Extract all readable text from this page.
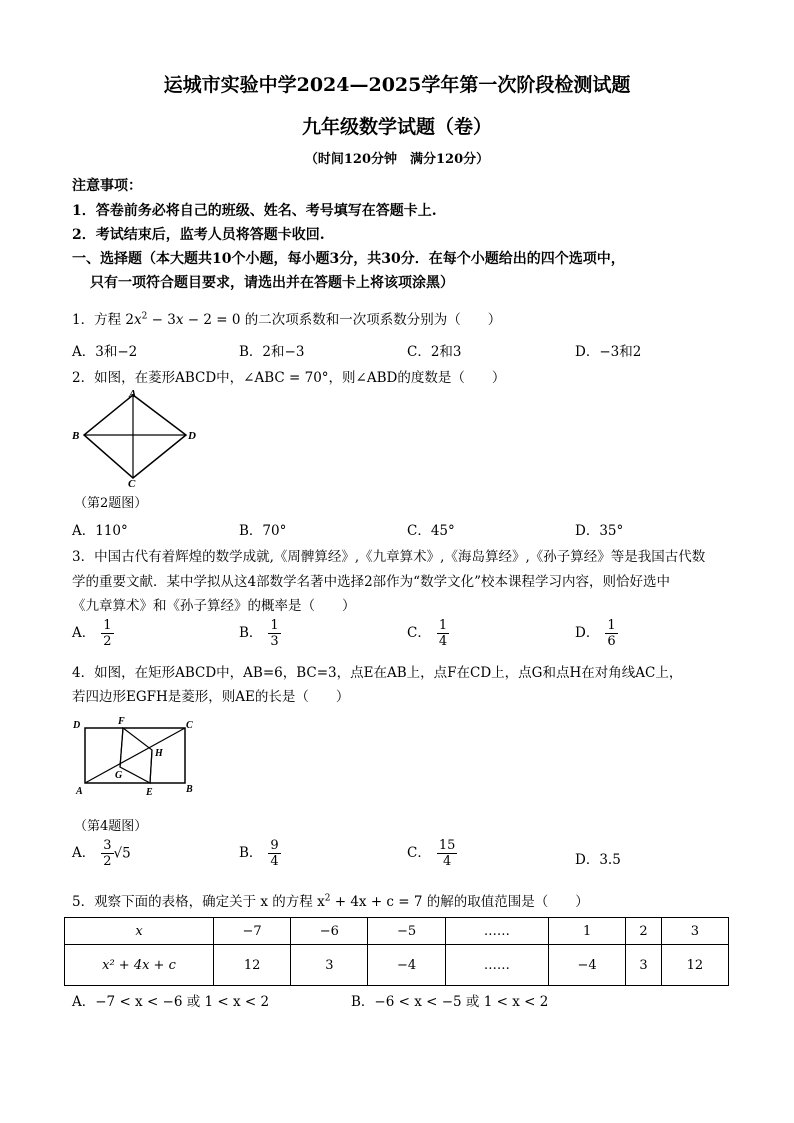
运城市实验中学2024—2025学年第一次阶段检测试题
九年级数学试题（卷）
（时间120分钟　满分120分）
注意事项：
1．答卷前务必将自己的班级、姓名、考号填写在答题卡上.
2．考试结束后，监考人员将答题卡收回.
一、选择题（本大题共10个小题，每小题3分，共30分．在每个小题给出的四个选项中，
只有一项符合题目要求，请选出并在答题卡上将该项涂黑）
1．方程 $2x^2 - 3x - 2 = 0$ 的二次项系数和一次项系数分别为（　　）
A．3和−2	B．2和−3	C．2和3	D．−3和2
2．如图，在菱形ABCD中，∠ABC = 70°，则∠ABD的度数是（　　）
A
B
C
D
（第2题图）
A．110°	B．70°	C．45°	D．35°
3．中国古代有着辉煌的数学成就,《周髀算经》,《九章算术》,《海岛算经》,《孙子算经》等是我国古代数
学的重要文献．某中学拟从这4部数学名著中选择2部作为“数学文化”校本课程学习内容，则恰好选中
《九章算术》和《孙子算经》的概率是（　　）
A． $\frac{1}{2}$	B． $\frac{1}{3}$	C． $\frac{1}{4}$	D． $\frac{1}{6}$
4．如图，在矩形ABCD中，AB=6，BC=3，点E在AB上，点F在CD上，点G和点H在对角线AC上，
若四边形EGFH是菱形，则AE的长是（　　）
D	F	C
H
G
A	E	B
（第4题图）
A． $\frac{3}{2} √5$	B． $\frac{9}{4}$	C． $\frac{15}{4}$	D．3.5
5．观察下面的表格，确定关于 x 的方程 $x^2 + 4x + c = 7$ 的解的取值范围是（　　）
x	−7	−6	−5	……	1	2	3
x² + 4x + c	12	3	−4	……	−4	3	12
A．−7 < x < −6 或 1 < x < 2	B．−6 < x < −5 或 1 < x < 2
